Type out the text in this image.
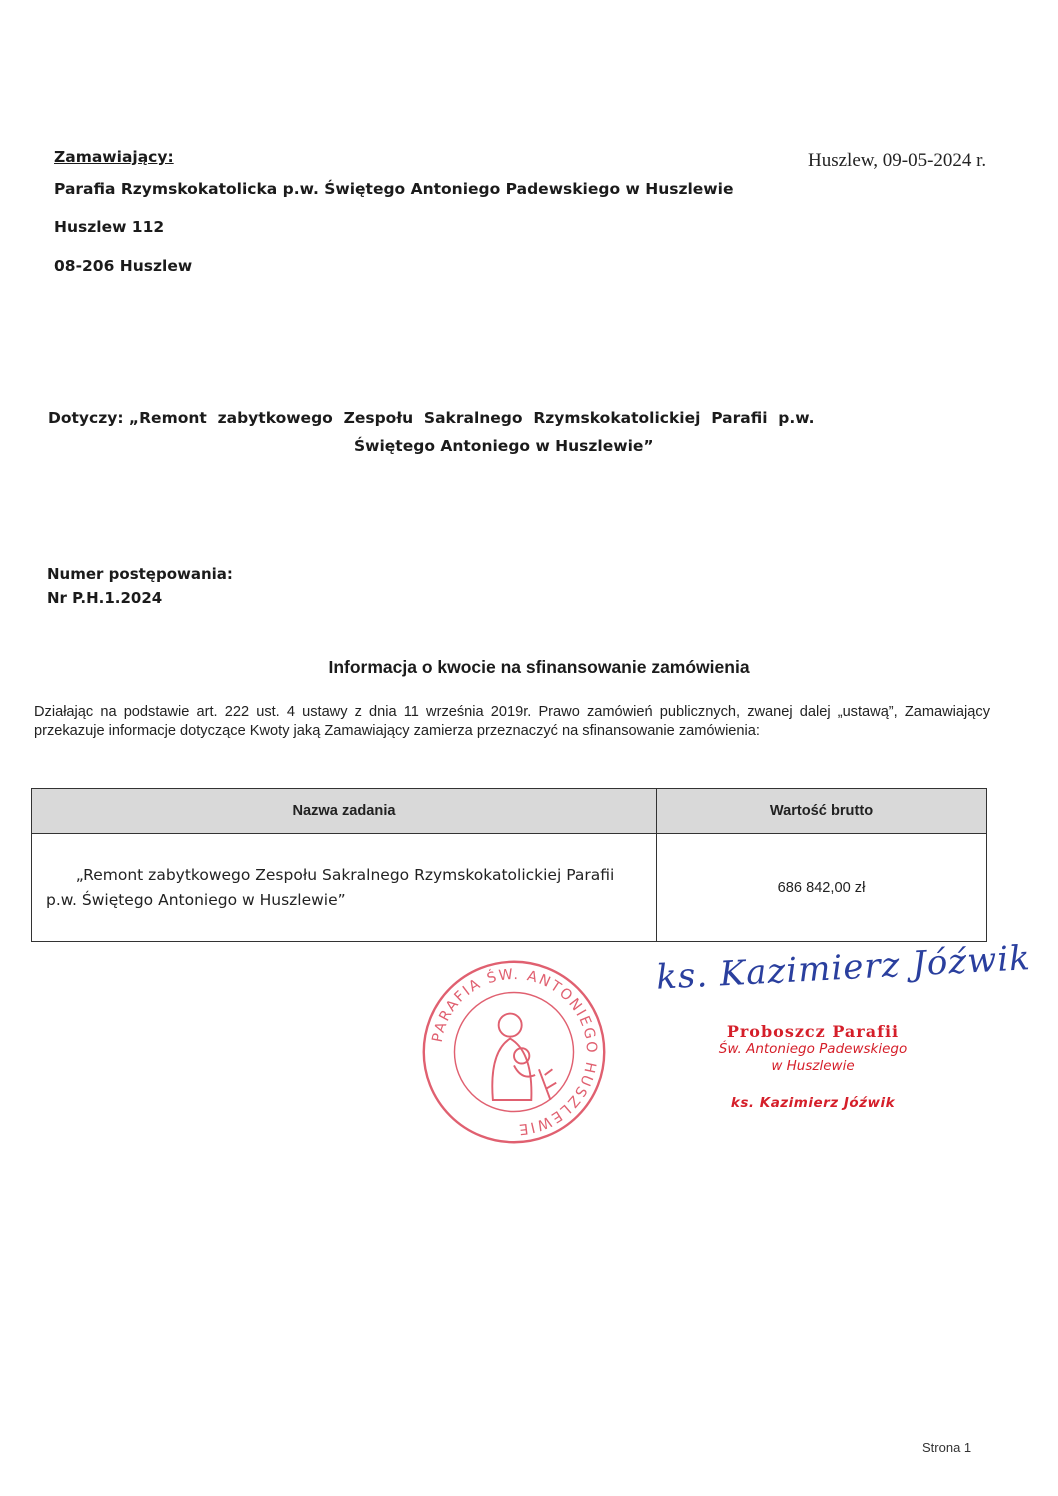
Huszlew, 09-05-2024 r.
Zamawiający:
Parafia Rzymskokatolicka p.w. Świętego Antoniego Padewskiego w Huszlewie
Huszlew 112
08-206 Huszlew
Dotyczy: „Remont  zabytkowego  Zespołu  Sakralnego  Rzymskokatolickiej  Parafii  p.w.
Świętego Antoniego w Huszlewie”
Numer postępowania:
Nr P.H.1.2024
Informacja o kwocie na sfinansowanie zamówienia
Działając na podstawie art. 222 ust. 4 ustawy z dnia 11 września 2019r. Prawo zamówień publicznych, zwanej dalej „ustawą”, Zamawiający przekazuje informacje dotyczące Kwoty jaką Zamawiający zamierza przeznaczyć na sfinansowanie zamówienia:
Nazwa zadania	Wartość brutto

„Remont zabytkowego Zespołu Sakralnego Rzymskokatolickiej Parafii
p.w. Świętego Antoniego w Huszlewie”	686 842,00 zł
ks. Kazimierz Jóźwik
PARAFIA ŚW. ANTONIEGO HUSZLEWIE
Proboszcz Parafii
Św. Antoniego Padewskiego
w Huszlewie
ks. Kazimierz Jóźwik
Strona 1
